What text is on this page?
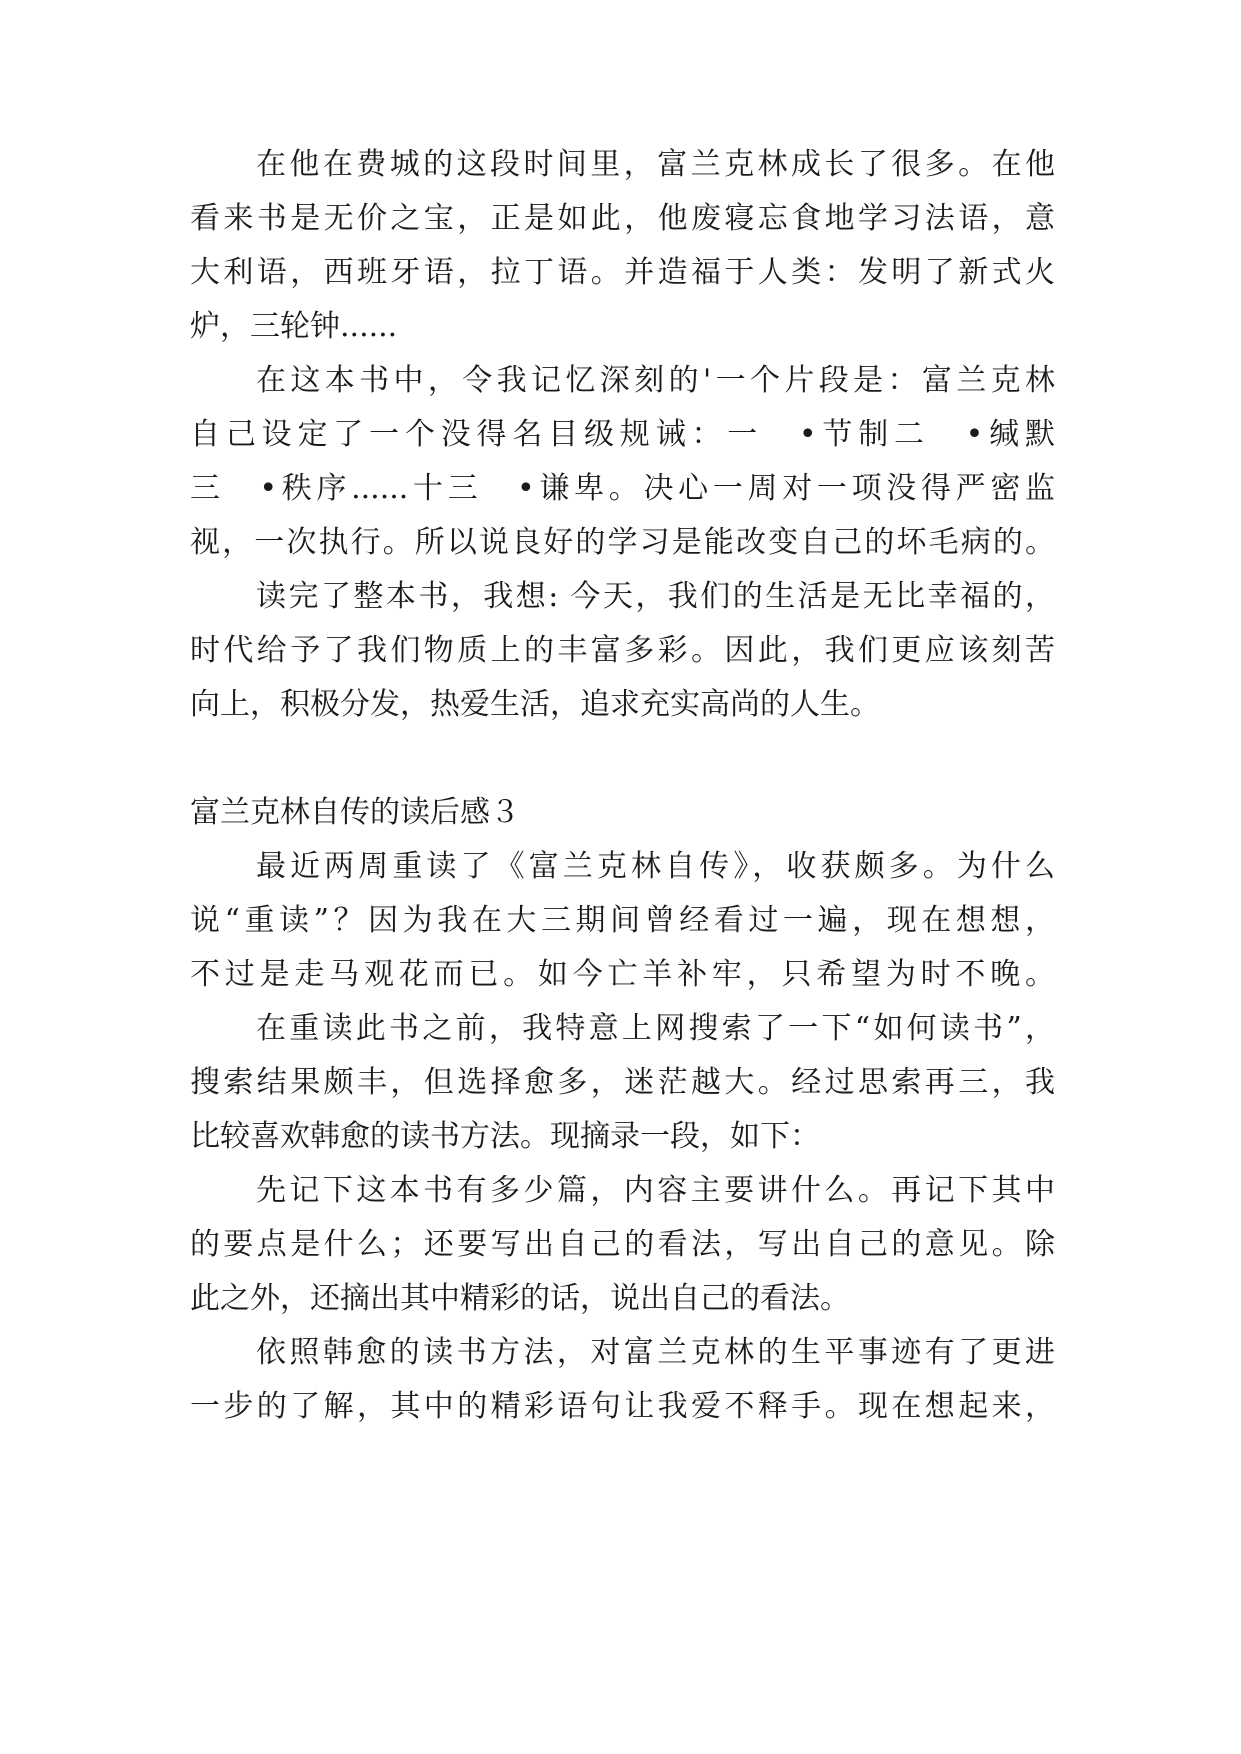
在他在费城的这段时间里，富兰克林成长了很多。在他
看来书是无价之宝，正是如此，他废寝忘食地学习法语，意
大利语，西班牙语，拉丁语。并造福于人类：发明了新式火
炉，三轮钟......
在这本书中，令我记忆深刻的'一个片段是：富兰克林
自己设定了一个没得名目级规诫：一　•节制二　•缄默
三　•秩序......十三　•谦卑。决心一周对一项没得严密监
视，一次执行。所以说良好的学习是能改变自己的坏毛病的。
读完了整本书，我想: 今天，我们的生活是无比幸福的，
时代给予了我们物质上的丰富多彩。因此，我们更应该刻苦
向上，积极分发，热爱生活，追求充实高尚的人生。
富兰克林自传的读后感３
最近两周重读了《富兰克林自传》，收获颇多。为什么
说“重读”？因为我在大三期间曾经看过一遍，现在想想，
不过是走马观花而已。如今亡羊补牢，只希望为时不晚。
在重读此书之前，我特意上网搜索了一下“如何读书”，
搜索结果颇丰，但选择愈多，迷茫越大。经过思索再三，我
比较喜欢韩愈的读书方法。现摘录一段，如下：
先记下这本书有多少篇，内容主要讲什么。再记下其中
的要点是什么；还要写出自己的看法，写出自己的意见。除
此之外，还摘出其中精彩的话，说出自己的看法。
依照韩愈的读书方法，对富兰克林的生平事迹有了更进
一步的了解，其中的精彩语句让我爱不释手。现在想起来，
